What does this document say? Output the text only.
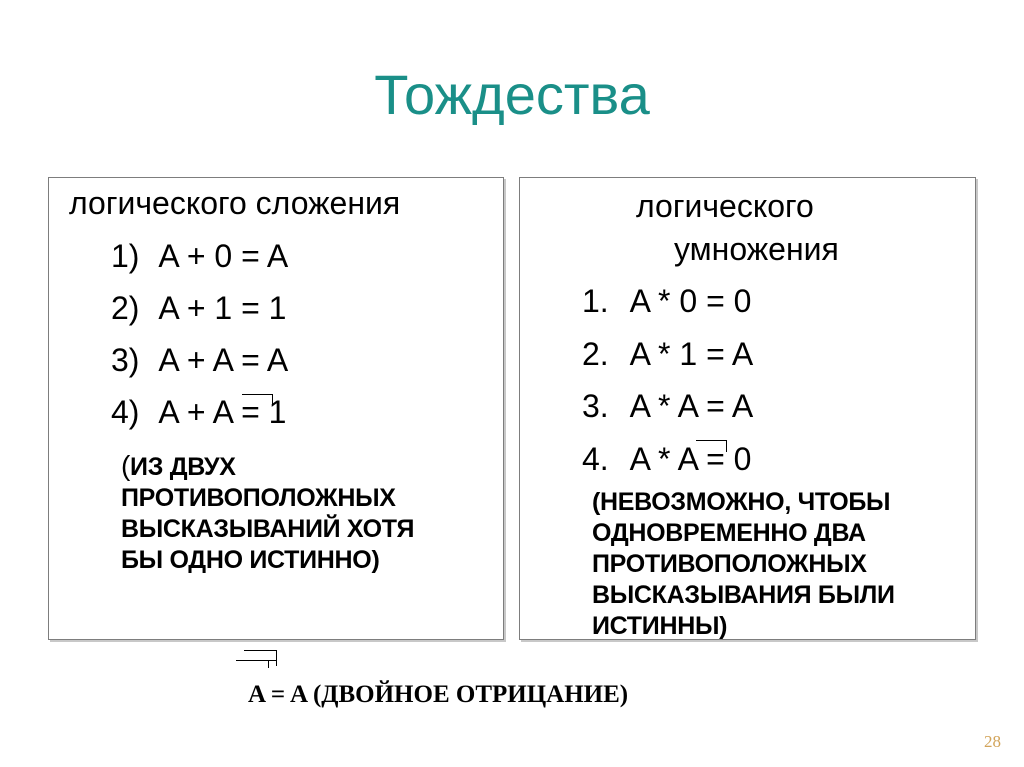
Тождества
логического сложения
1) A + 0 = A
2) A + 1 = 1
3) A + A = A
4) A + A = 1
(ИЗ ДВУХ
ПРОТИВОПОЛОЖНЫХ
ВЫСКАЗЫВАНИЙ ХОТЯ
БЫ ОДНО ИСТИННО)
логического
умножения
1. A * 0 = 0
2. A * 1 = A
3. A * A = A
4. A * A = 0
(НЕВОЗМОЖНО, ЧТОБЫ
ОДНОВРЕМЕННО ДВА
ПРОТИВОПОЛОЖНЫХ
ВЫСКАЗЫВАНИЯ БЫЛИ
ИСТИННЫ)
A = A (ДВОЙНОЕ ОТРИЦАНИЕ)
28
